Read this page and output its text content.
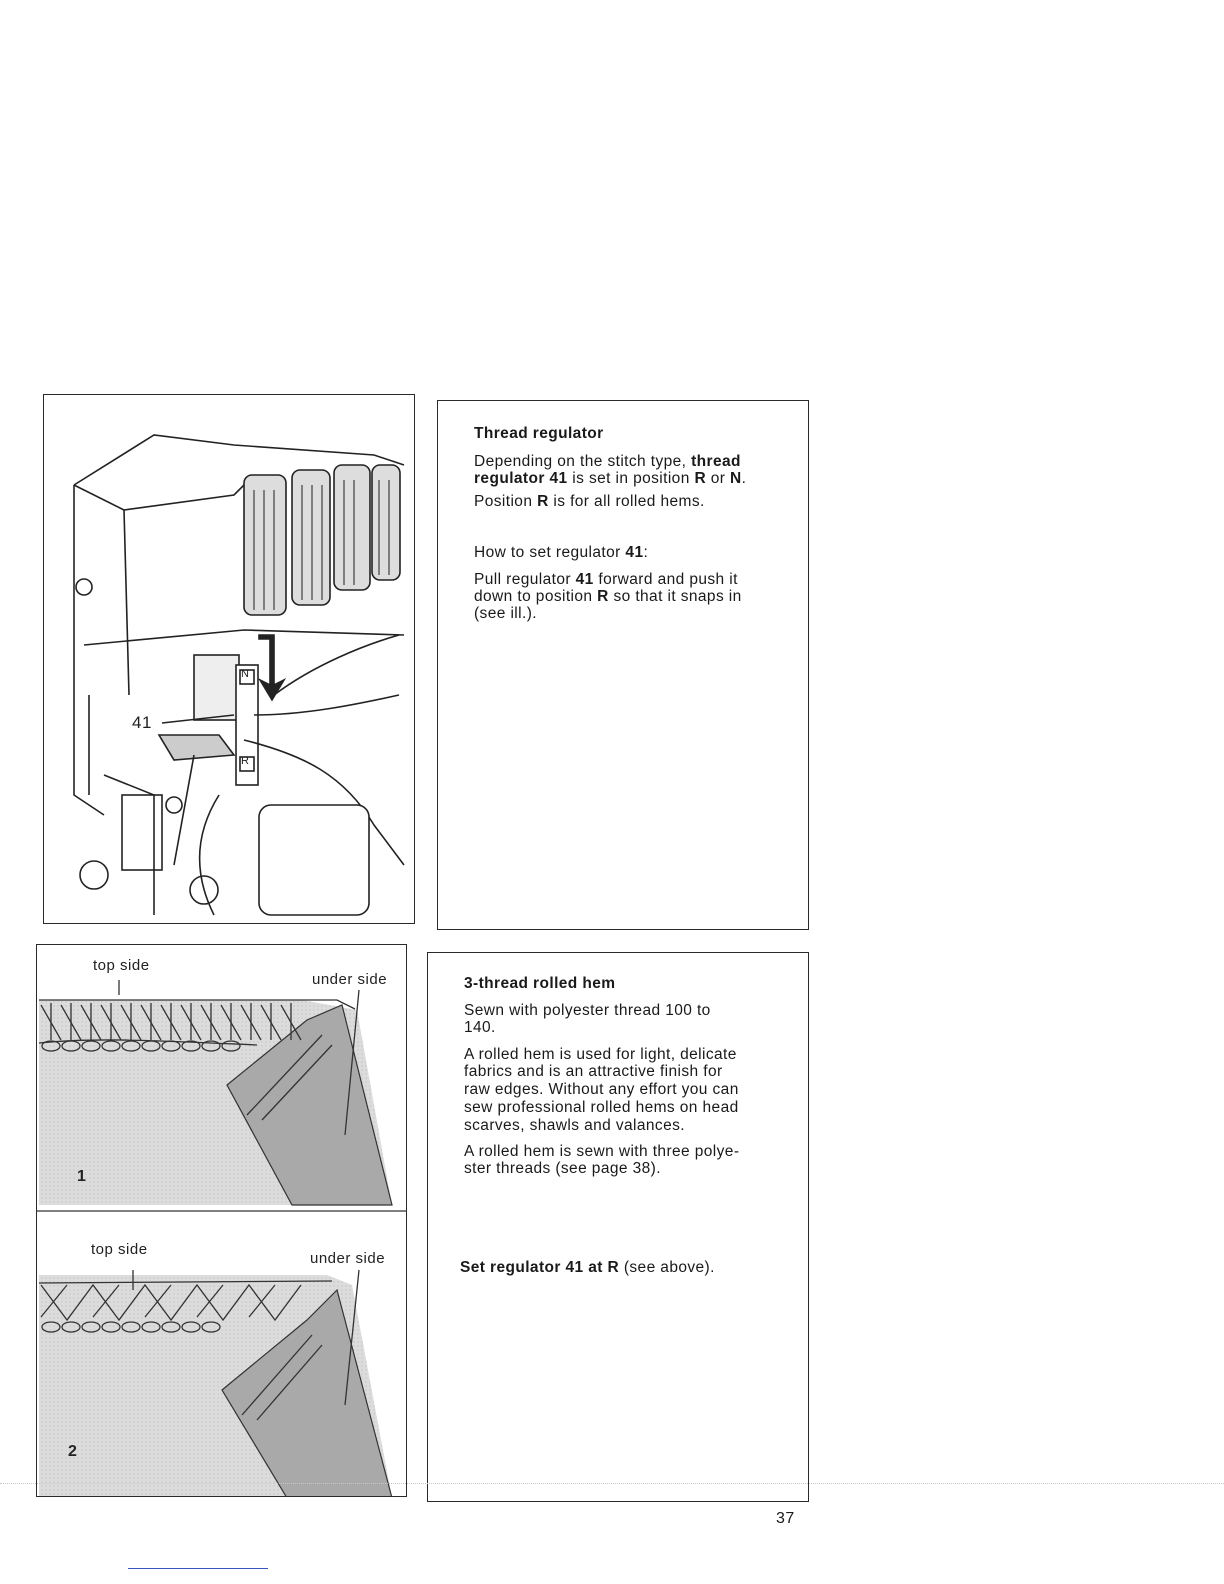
41
N
R
Thread regulator
Depending on the stitch type, thread
regulator 41 is set in position R or N.
Position R is for all rolled hems.
How to set regulator 41:
Pull regulator 41 forward and push it
down to position R so that it snaps in
(see ill.).
top side
under side
1
top side
under side
2
3-thread rolled hem
Sewn with polyester thread 100 to
140.
A rolled hem is used for light, delicate
fabrics and is an attractive finish for
raw edges. Without any effort you can
sew professional rolled hems on head
scarves, shawls and valances.
A rolled hem is sewn with three polye-
ster threads (see page 38).
Set regulator 41 at R (see above).
37
